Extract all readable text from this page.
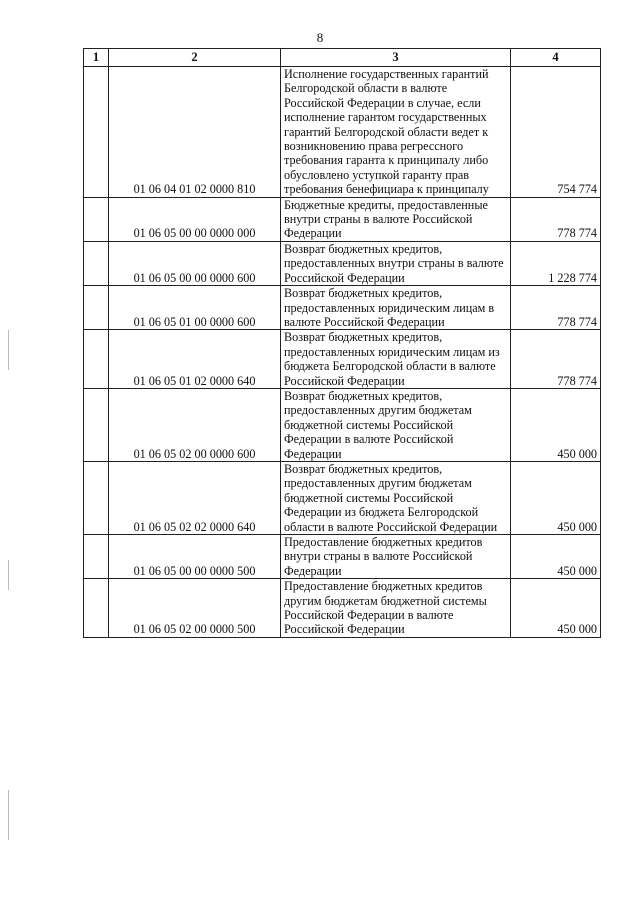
8
1	2	3	4
	01 06 04 01 02 0000 810	Исполнение государственных гарантий Белгородской области в валюте Российской Федерации в случае, если исполнение гарантом государственных гарантий Белгородской области ведет к возникновению права регрессного требования гаранта к принципалу либо обусловлено уступкой гаранту прав требования бенефициара к принципалу	754 774
	01 06 05 00 00 0000 000	Бюджетные кредиты, предоставленные внутри страны в валюте Российской Федерации	778 774
	01 06 05 00 00 0000 600	Возврат бюджетных кредитов, предоставленных внутри страны в валюте Российской Федерации	1 228 774
	01 06 05 01 00 0000 600	Возврат бюджетных кредитов, предоставленных юридическим лицам в валюте Российской Федерации	778 774
	01 06 05 01 02 0000 640	Возврат бюджетных кредитов, предоставленных юридическим лицам из бюджета Белгородской области в валюте Российской Федерации	778 774
	01 06 05 02 00 0000 600	Возврат бюджетных кредитов, предоставленных другим бюджетам бюджетной системы Российской Федерации в валюте Российской Федерации	450 000
	01 06 05 02 02 0000 640	Возврат бюджетных кредитов, предоставленных другим бюджетам бюджетной системы Российской Федерации из бюджета Белгородской области в валюте Российской Федерации	450 000
	01 06 05 00 00 0000 500	Предоставление бюджетных кредитов внутри страны в валюте Российской Федерации	450 000
	01 06 05 02 00 0000 500	Предоставление бюджетных кредитов другим бюджетам бюджетной системы Российской Федерации в валюте Российской Федерации	450 000
